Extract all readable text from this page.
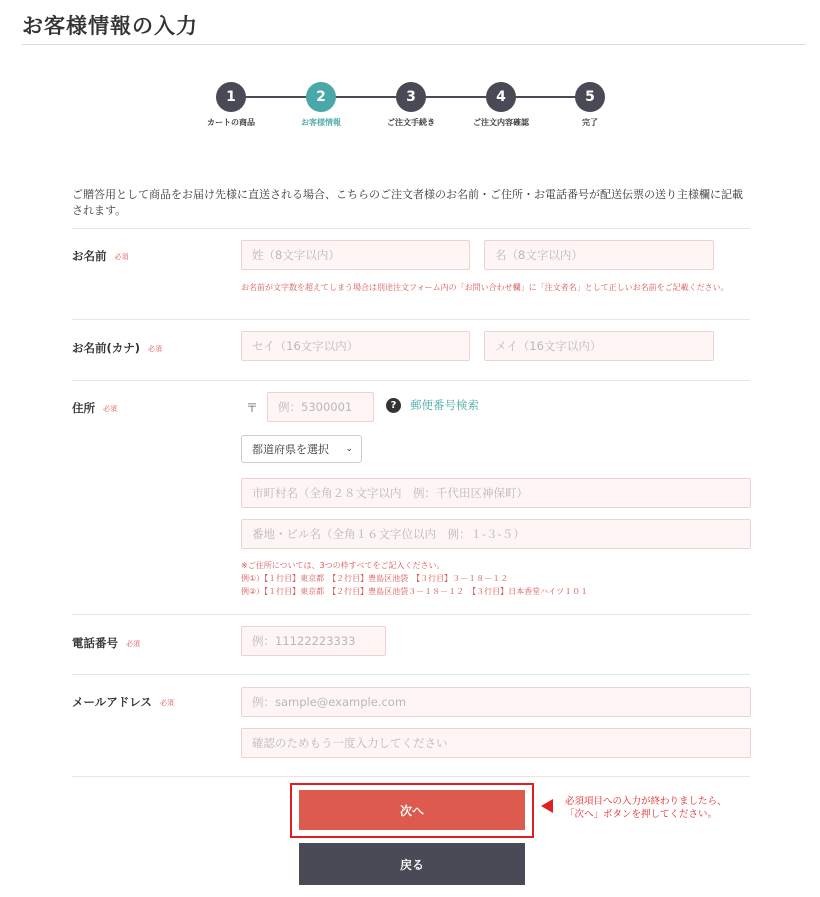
お客様情報の入力
1
カートの商品
2
お客様情報
3
ご注文手続き
4
ご注文内容確認
5
完了
ご贈答用として商品をお届け先様に直送される場合、こちらのご注文者様のお名前・ご住所・お電話番号が配送伝票の送り主様欄に記載されます。
お名前 必須
姓（8文字以内）
名（8文字以内）
お名前が文字数を超えてしまう場合は別途注文フォーム内の「お問い合わせ欄」に「注文者名」として正しいお名前をご記載ください。
お名前(カナ) 必須
セイ（16文字以内）
メイ（16文字以内）
住所 必須	〒
例：5300001	?	郵便番号検索
都道府県を選択 ⌄
市町村名（全角２８文字以内　例：千代田区神保町）
番地・ビル名（全角１６文字位以内　例：１-３-５）
※ご住所については、3つの枠すべてをご記入ください。
例①）【１行目】東京都　【２行目】豊島区池袋　【３行目】３－１８－１２
例②）【１行目】東京都　【２行目】豊島区池袋３－１８－１２　【３行目】日本香堂ハイツ１０１
電話番号 必須
例：11122223333
メールアドレス 必須
例：sample@example.com
確認のためもう一度入力してください
次へ
戻る
必須項目への入力が終わりましたら、
「次へ」ボタンを押してください。
